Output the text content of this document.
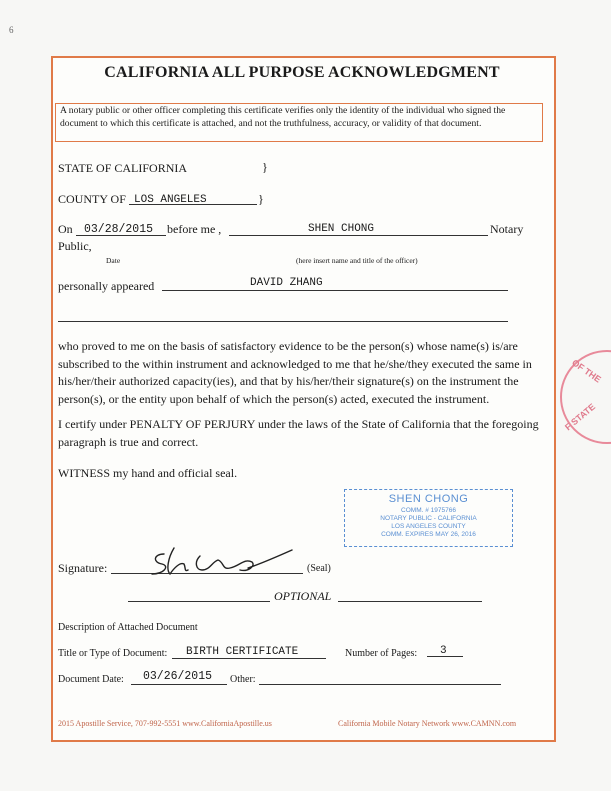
6
OF THE
F STATE
CALIFORNIA ALL PURPOSE ACKNOWLEDGMENT
A notary public or other officer completing this certificate verifies only the identity of the individual who signed the document to which this certificate is attached, and not the truthfulness, accuracy, or validity of that document.
STATE OF CALIFORNIA	}
COUNTY OF LOS ANGELES	}
On 03/28/2015 before me ,	SHEN CHONG	Notary
Public,
Date	(here insert name and title of the officer)
personally appeared	DAVID ZHANG
who proved to me on the basis of satisfactory evidence to be the person(s) whose name(s) is/are subscribed to the within instrument and acknowledged to me that he/she/they executed the same in his/her/their authorized capacity(ies), and that by his/her/their signature(s) on the instrument the person(s), or the entity upon behalf of which the person(s) acted, executed the instrument.
I certify under PENALTY OF PERJURY under the laws of the State of California that the foregoing paragraph is true and correct.
WITNESS my hand and official seal.
SHEN CHONG
COMM. # 1975766
NOTARY PUBLIC - CALIFORNIA
LOS ANGELES COUNTY
COMM. EXPIRES MAY 26, 2016
Signature:	(Seal)
OPTIONAL
Description of Attached Document
Title or Type of Document: BIRTH CERTIFICATE	Number of Pages: 3
Document Date: 03/26/2015 Other:
2015 Apostille Service, 707-992-5551 www.CaliforniaApostille.us	California Mobile Notary Network www.CAMNN.com
